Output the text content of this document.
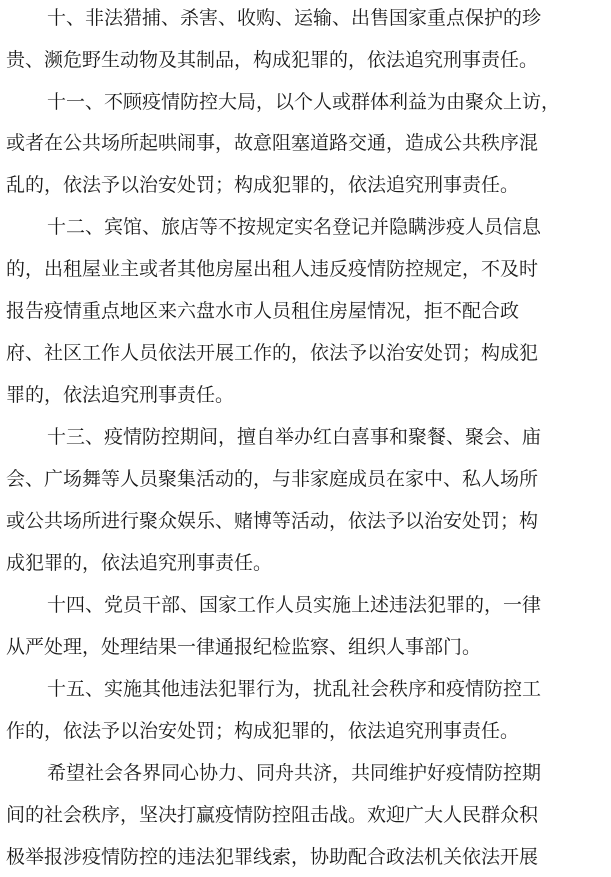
十、非法猎捕、杀害、收购、运输、出售国家重点保护的珍
贵、濒危野生动物及其制品，构成犯罪的，依法追究刑事责任。
十一、不顾疫情防控大局，以个人或群体利益为由聚众上访，
或者在公共场所起哄闹事，故意阻塞道路交通，造成公共秩序混
乱的，依法予以治安处罚；构成犯罪的，依法追究刑事责任。
十二、宾馆、旅店等不按规定实名登记并隐瞒涉疫人员信息
的，出租屋业主或者其他房屋出租人违反疫情防控规定，不及时
报告疫情重点地区来六盘水市人员租住房屋情况，拒不配合政
府、社区工作人员依法开展工作的，依法予以治安处罚；构成犯
罪的，依法追究刑事责任。
十三、疫情防控期间，擅自举办红白喜事和聚餐、聚会、庙
会、广场舞等人员聚集活动的，与非家庭成员在家中、私人场所
或公共场所进行聚众娱乐、赌博等活动，依法予以治安处罚；构
成犯罪的，依法追究刑事责任。
十四、党员干部、国家工作人员实施上述违法犯罪的，一律
从严处理，处理结果一律通报纪检监察、组织人事部门。
十五、实施其他违法犯罪行为，扰乱社会秩序和疫情防控工
作的，依法予以治安处罚；构成犯罪的，依法追究刑事责任。
希望社会各界同心协力、同舟共济，共同维护好疫情防控期
间的社会秩序，坚决打赢疫情防控阻击战。欢迎广大人民群众积
极举报涉疫情防控的违法犯罪线索，协助配合政法机关依法开展
